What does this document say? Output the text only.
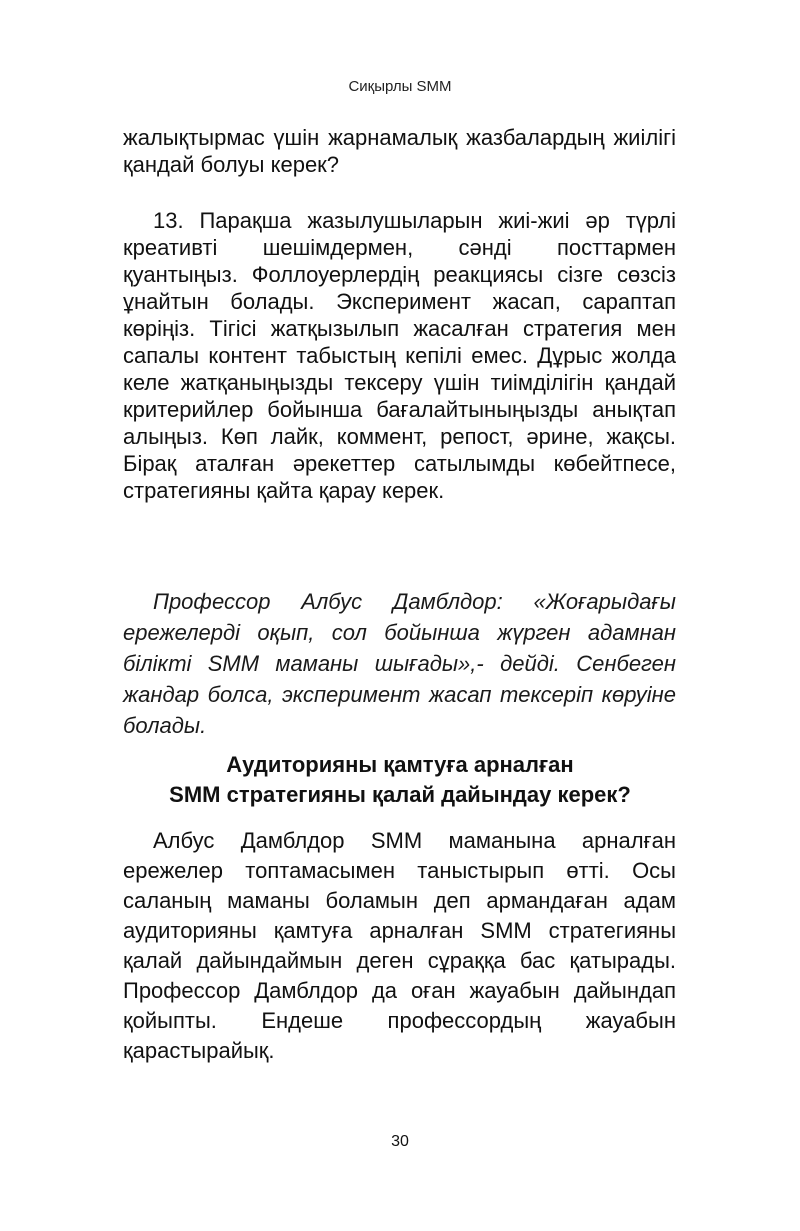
Сиқырлы SMM

жалықтырмас үшін жарнамалық жазбалардың жиілігі қандай болуы керек?

13. Парақша жазылушыларын жиі-жиі әр түрлі креативті шешімдермен, сәнді посттармен қуантыңыз. Фоллоуерлердің реакциясы сізге сөзсіз ұнайтын болады. Эксперимент жасап, сараптап көріңіз. Тігісі жатқызылып жасалған стратегия мен сапалы контент табыстың кепілі емес. Дұрыс жолда келе жатқаныңызды тексеру үшін тиімділігін қандай критерийлер бойынша бағалайтыныңызды анықтап алыңыз. Көп лайк, коммент, репост, әрине, жақсы. Бірақ аталған әрекеттер сатылымды көбейтпесе, стратегияны қайта қарау керек.

Профессор Албус Дамблдор: «Жоғарыдағы ережелерді оқып, сол бойынша жүрген адамнан білікті SMM маманы шығады»,- дейді. Сенбеген жандар болса, эксперимент жасап тексеріп көруіне болады.

Аудиторияны қамтуға арналған
SMM стратегияны қалай дайындау керек?

Албус Дамблдор SMM маманына арналған ережелер топтамасымен таныстырып өтті. Осы саланың маманы боламын деп армандаған адам аудиторияны қамтуға арналған SMM стратегияны қалай дайындаймын деген сұраққа бас қатырады. Профессор Дамблдор да оған жауабын дайындап қойыпты. Ендеше профессордың жауабын қарастырайық.

30
